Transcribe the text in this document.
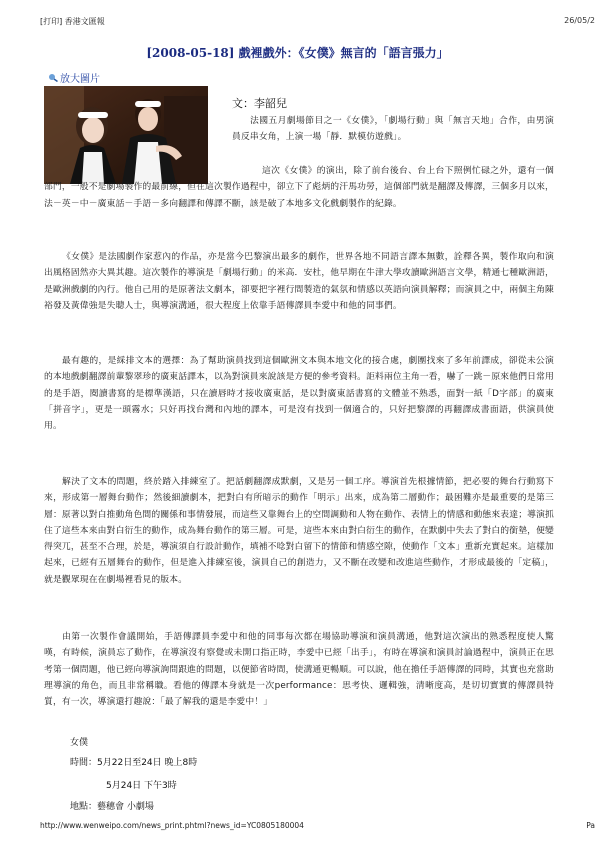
[打印] 香港文匯報	26/05/2
[2008-05-18] 戲裡戲外：《女僕》無言的「語言張力」
放大圖片
文：李韶兒

法國五月劇場節目之一《女僕》，「劇場行動」與「無言天地」合作，由男演員反串女角，上演一場「靜．默模仿遊戲」。

這次《女僕》的演出，除了前台後台、台上台下照例忙碌之外，還有一個部門，一般不是劇場製作的最前線，但在這次製作過程中，卻立下了彪炳的汗馬功勞，這個部門就是翻譯及傳譯，三個多月以來，法－英－中－廣東話－手語－多向翻譯和傳譯不斷，該是破了本地多文化戲劇製作的紀錄。

《女僕》是法國劇作家惹內的作品，亦是當今巴黎演出最多的劇作，世界各地不同語言譯本無數，詮釋各異，製作取向和演出風格固然亦大異其趣。這次製作的導演是「劇場行動」的米高．安杜，他早期在牛津大學攻讀歐洲語言文學，精通七種歐洲語，是歐洲戲劇的內行。他自己用的是原著法文劇本，卻要把字裡行間製造的氣氛和情感以英語向演員解釋；而演員之中，兩個主角陳裕發及黃偉強是失聰人士，與導演溝通，很大程度上依靠手語傳譯員李愛中和他的同事們。

最有趣的，是綵排文本的選擇：為了幫助演員找到這個歐洲文本與本地文化的接合處，劇團找來了多年前譯成，卻從未公演的本地戲劇翻譯前輩黎翠珍的廣東話譯本，以為對演員來說該是方便的參考資料。詎料兩位主角一看，嚇了一跳－原來他們日常用的是手語，閱讀書寫的是標準漢語，只在讀唇時才接收廣東話，是以對廣東話書寫的文體並不熟悉，面對一紙「D字部」的廣東「拼音字」，更是一頭霧水；只好再找台灣和內地的譯本，可是沒有找到一個適合的，只好把黎譯的再翻譯成書面語，供演員使用。

解決了文本的問題，終於踏入排練室了。把話劇翻譯成默劇，又是另一個工序。導演首先根據情節，把必要的舞台行動寫下來，形成第一層舞台動作；然後細讀劇本，把對白有所暗示的動作「明示」出來，成為第二層動作；最困難亦是最重要的是第三層：原著以對白推動角色間的關係和事情發展，而這些又靠舞台上的空間調動和人物在動作、表情上的情感和動態來表達；導演抓住了這些本來由對白衍生的動作，成為舞台動作的第三層。可是，這些本來由對白衍生的動作，在默劇中失去了對白的銜墊，便變得突兀，甚至不合理，於是，導演須自行設計動作，填補不唸對白留下的情節和情感空隙，使動作「文本」重新充實起來。這樣加起來，已經有五層舞台的動作，但是進入排練室後，演員自己的創造力，又不斷在改變和改進這些動作，才形成最後的「定稿」，就是觀眾現在在劇場裡看見的版本。

由第一次製作會議開始，手語傳譯員李愛中和他的同事每次都在場協助導演和演員溝通，他對這次演出的熟悉程度使人驚嘆，有時候，演員忘了動作，在導演沒有察覺或未開口指正時，李愛中已經「出手」，有時在導演和演員討論過程中，演員正在思考第一個問題，他已經向導演詢問跟進的問題，以便節省時間，使溝通更暢順。可以說，他在擔任手語傳譯的同時，其實也充當助理導演的角色，而且非常稱職。看他的傳譯本身就是一次performance：思考快、邏輯強，清晰度高，是切切實實的傳譯員特質，有一次，導演還打趣說：「最了解我的還是李愛中！」

女僕
時間：5月22日至24日 晚上8時
5月24日 下午3時
地點：藝穗會 小劇場
http://www.wenweipo.com/news_print.phtml?news_id=YC0805180004	Pa
